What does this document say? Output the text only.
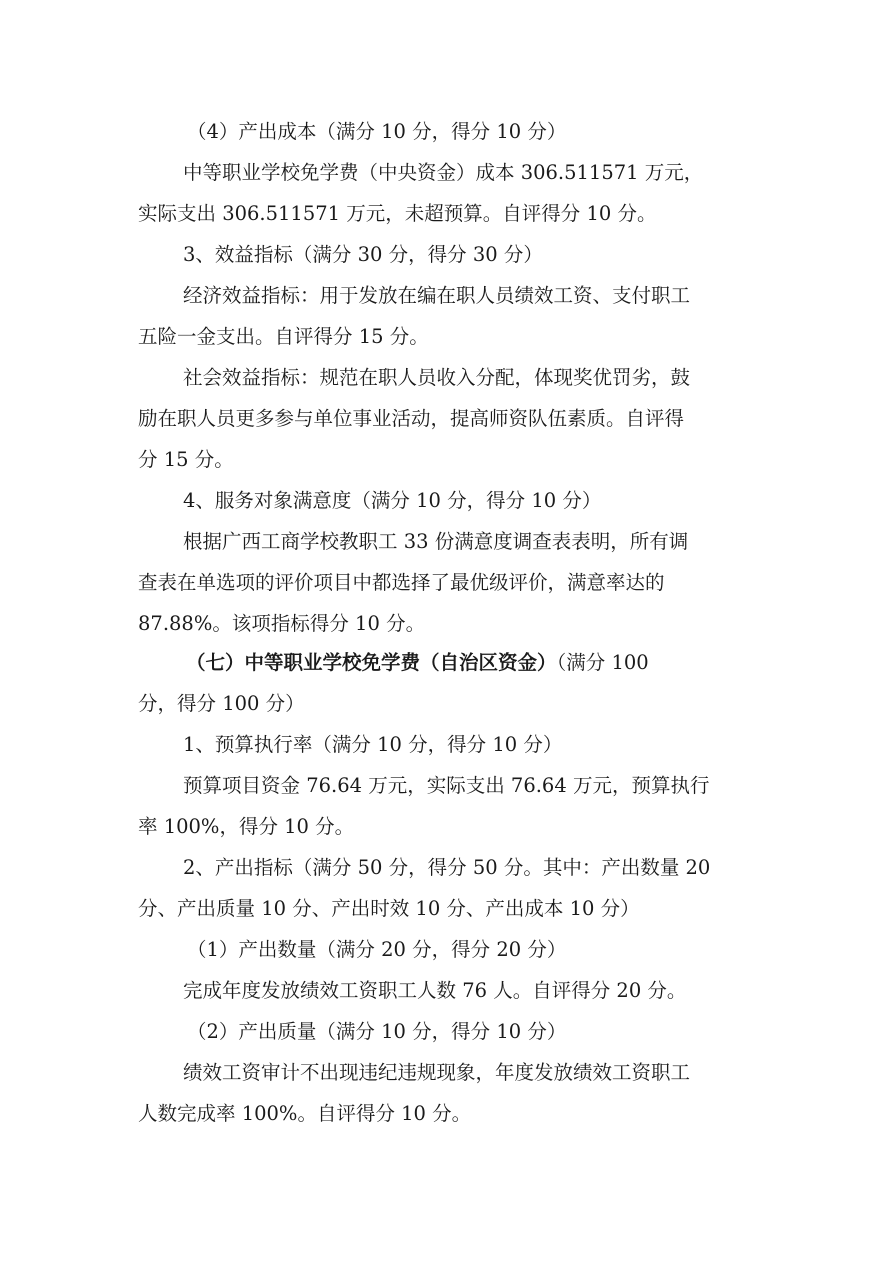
（4）产出成本（满分 10 分，得分 10 分）

中等职业学校免学费（中央资金）成本 306.511571 万元，

实际支出 306.511571 万元，未超预算。自评得分 10 分。

3、效益指标（满分 30 分，得分 30 分）

经济效益指标：用于发放在编在职人员绩效工资、支付职工

五险一金支出。自评得分 15 分。

社会效益指标：规范在职人员收入分配，体现奖优罚劣，鼓

励在职人员更多参与单位事业活动，提高师资队伍素质。自评得

分 15 分。

4、服务对象满意度（满分 10 分，得分 10 分）

根据广西工商学校教职工 33 份满意度调查表表明，所有调

查表在单选项的评价项目中都选择了最优级评价，满意率达的

87.88%。该项指标得分 10 分。

（七）中等职业学校免学费（自治区资金）（满分 100

分，得分 100 分）

1、预算执行率（满分 10 分，得分 10 分）

预算项目资金 76.64 万元，实际支出 76.64 万元，预算执行

率 100%，得分 10 分。

2、产出指标（满分 50 分，得分 50 分。其中：产出数量 20

分、产出质量 10 分、产出时效 10 分、产出成本 10 分）

（1）产出数量（满分 20 分，得分 20 分）

完成年度发放绩效工资职工人数 76 人。自评得分 20 分。

（2）产出质量（满分 10 分，得分 10 分）

绩效工资审计不出现违纪违规现象，年度发放绩效工资职工

人数完成率 100%。自评得分 10 分。
